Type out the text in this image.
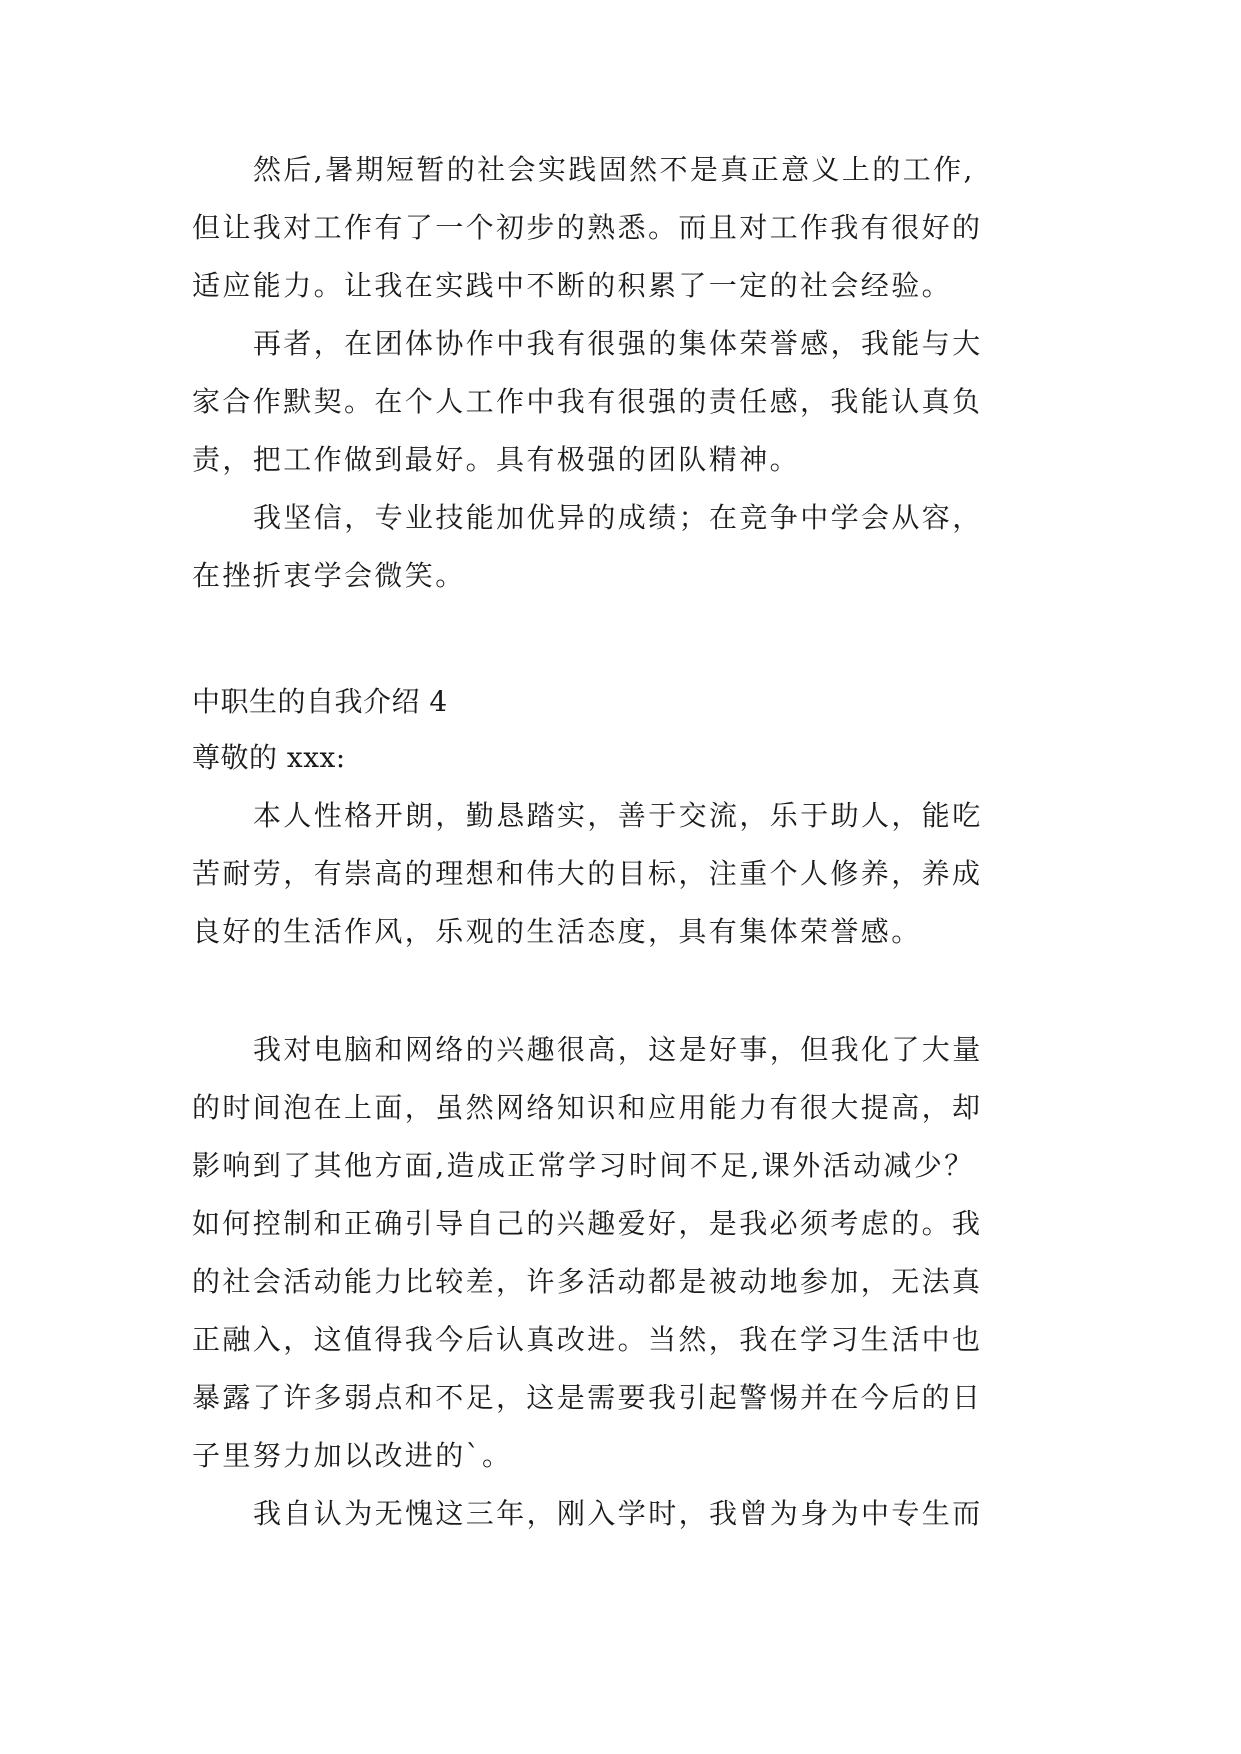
然后,暑期短暂的社会实践固然不是真正意义上的工作,
但让我对工作有了一个初步的熟悉。而且对工作我有很好的
适应能力。让我在实践中不断的积累了一定的社会经验。
再者，在团体协作中我有很强的集体荣誉感，我能与大
家合作默契。在个人工作中我有很强的责任感，我能认真负
责，把工作做到最好。具有极强的团队精神。
我坚信，专业技能加优异的成绩；在竞争中学会从容，
在挫折衷学会微笑。
中职生的自我介绍 4
尊敬的 xxx:
本人性格开朗，勤恳踏实，善于交流，乐于助人，能吃
苦耐劳，有崇高的理想和伟大的目标，注重个人修养，养成
良好的生活作风，乐观的生活态度，具有集体荣誉感。
我对电脑和网络的兴趣很高，这是好事，但我化了大量
的时间泡在上面，虽然网络知识和应用能力有很大提高，却
影响到了其他方面,造成正常学习时间不足,课外活动减少？
如何控制和正确引导自己的兴趣爱好，是我必须考虑的。我
的社会活动能力比较差，许多活动都是被动地参加，无法真
正融入，这值得我今后认真改进。当然，我在学习生活中也
暴露了许多弱点和不足，这是需要我引起警惕并在今后的日
子里努力加以改进的`。
我自认为无愧这三年，刚入学时，我曾为身为中专生而
